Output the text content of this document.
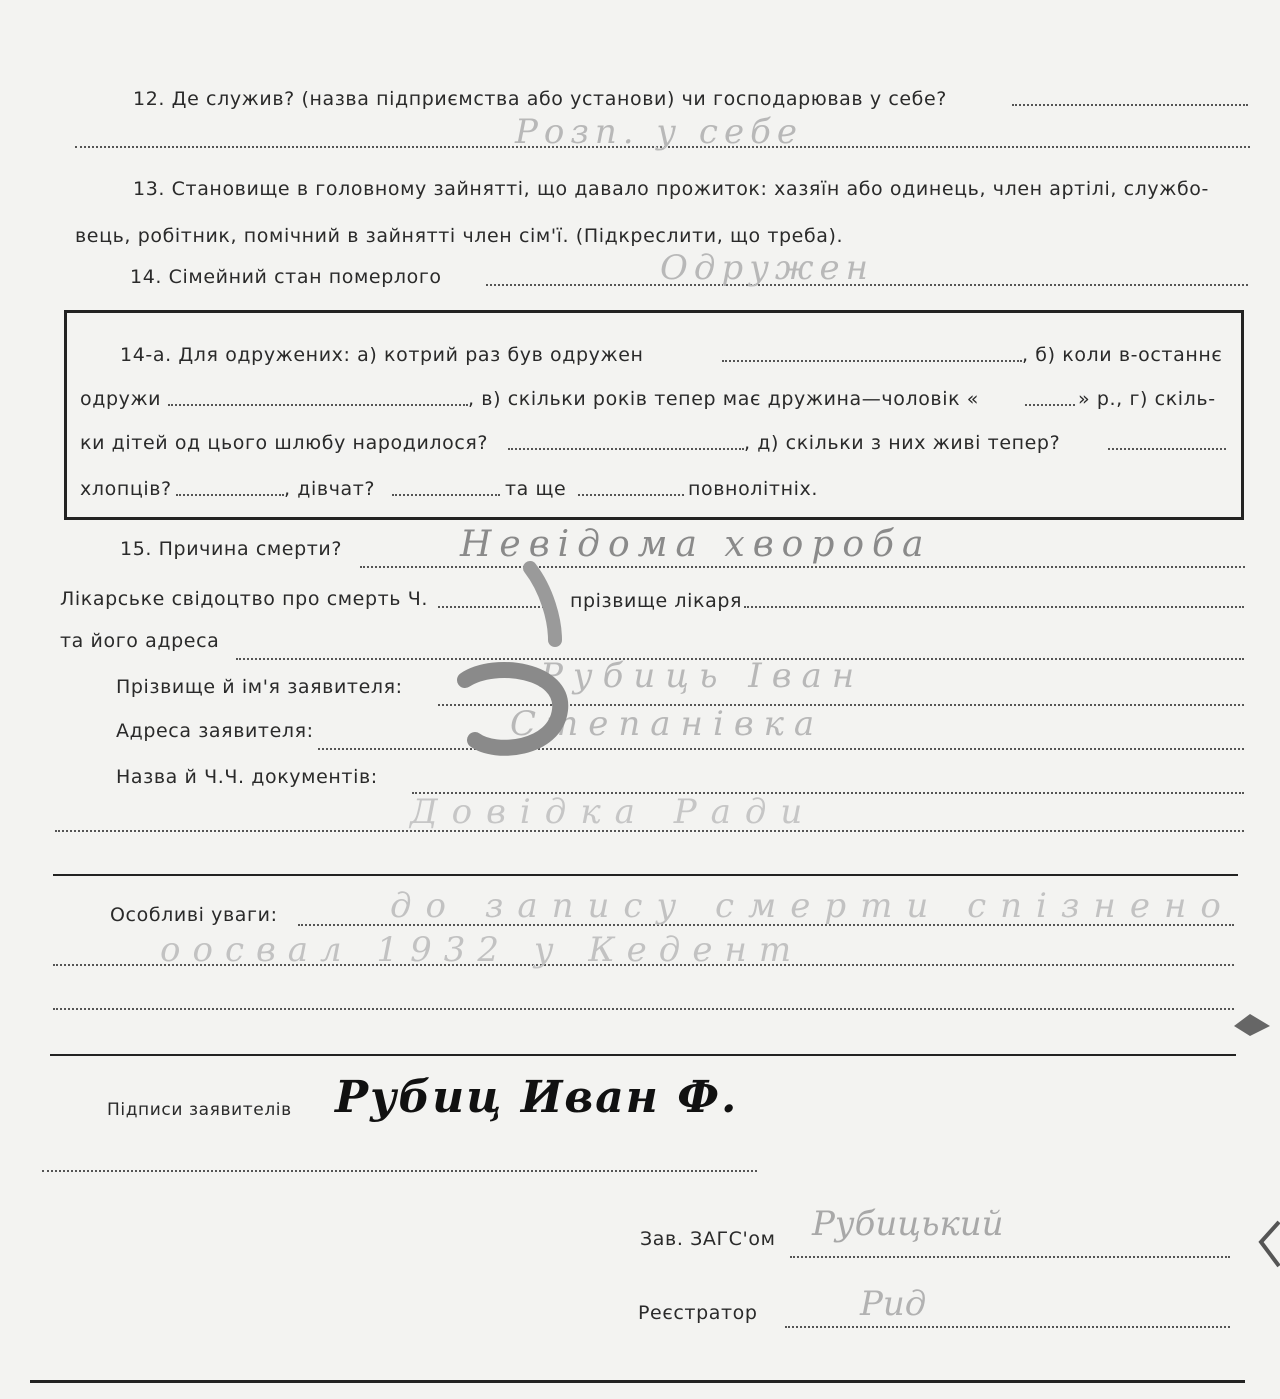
12. Де служив? (назва підприємства або установи) чи господарював у себе?
Розп. у себе
13. Становище в головному зайнятті, що давало прожиток: хазяїн або одинець, член артілі, службо-
вець, робітник, помічний в зайнятті член сім'ї. (Підкреслити, що треба).
14. Сімейний стан померлого	Одружен
14-а. Для одружених: а) котрий раз був одружен	, б) коли в-останнє
одружи	, в) скільки років тепер має дружина—чоловік «	» р., г) скіль-
ки дітей од цього шлюбу народилося?	, д) скільки з них живі тепер?
хлопців?	, дівчат?	та ще	повнолітніх.
15. Причина смерти?	Невідома хвороба
Лікарське свідоцтво про смерть Ч.	прізвище лікаря
та його адреса
Прізвище й ім'я заявителя:	Рубиць Іван
Адреса заявителя:	Степанівка
Назва й Ч.Ч. документів:
Довідка Ради
Особливі уваги:	до запису смерти спізнено
оосвал 1932 у Кедент
Підписи заявителів Рубиц Иван Ф.
Зав. ЗАГС'ом Рубицький
Реєстратор	Рид
